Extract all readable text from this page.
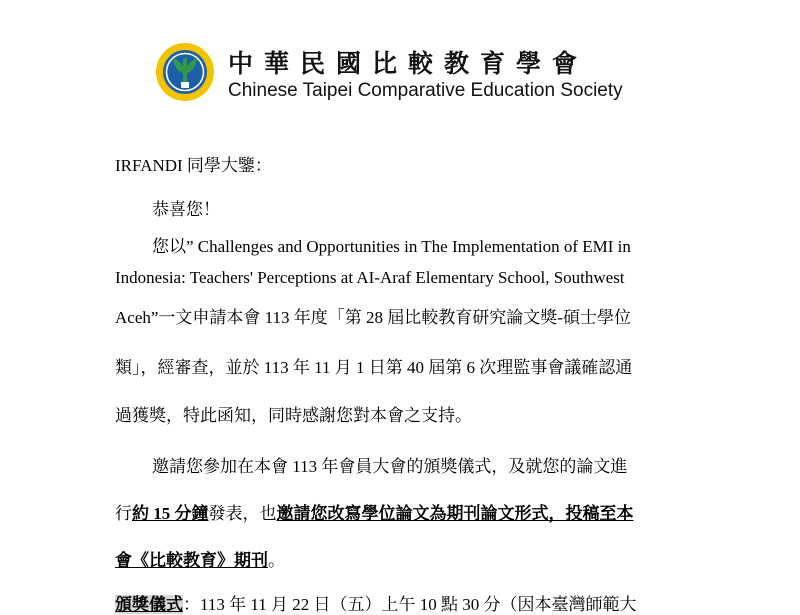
中華民國比較教育學會
Chinese Taipei Comparative Education Society
IRFANDI 同學大鑒：
恭喜您！
您以” Challenges and Opportunities in The Implementation of EMI in
Indonesia: Teachers' Perceptions at AI-Araf Elementary School, Southwest
Aceh”一文申請本會 113 年度「第 28 屆比較教育研究論文獎-碩士學位
類」，經審查，並於 113 年 11 月 1 日第 40 屆第 6 次理監事會議確認通
過獲獎，特此函知，同時感謝您對本會之支持。
邀請您參加在本會 113 年會員大會的頒獎儀式，及就您的論文進
行約 15 分鐘發表，也邀請您改寫學位論文為期刊論文形式，投稿至本
會《比較教育》期刊。
頒獎儀式：113 年 11 月 22 日（五）上午 10 點 30 分（因本臺灣師範大
